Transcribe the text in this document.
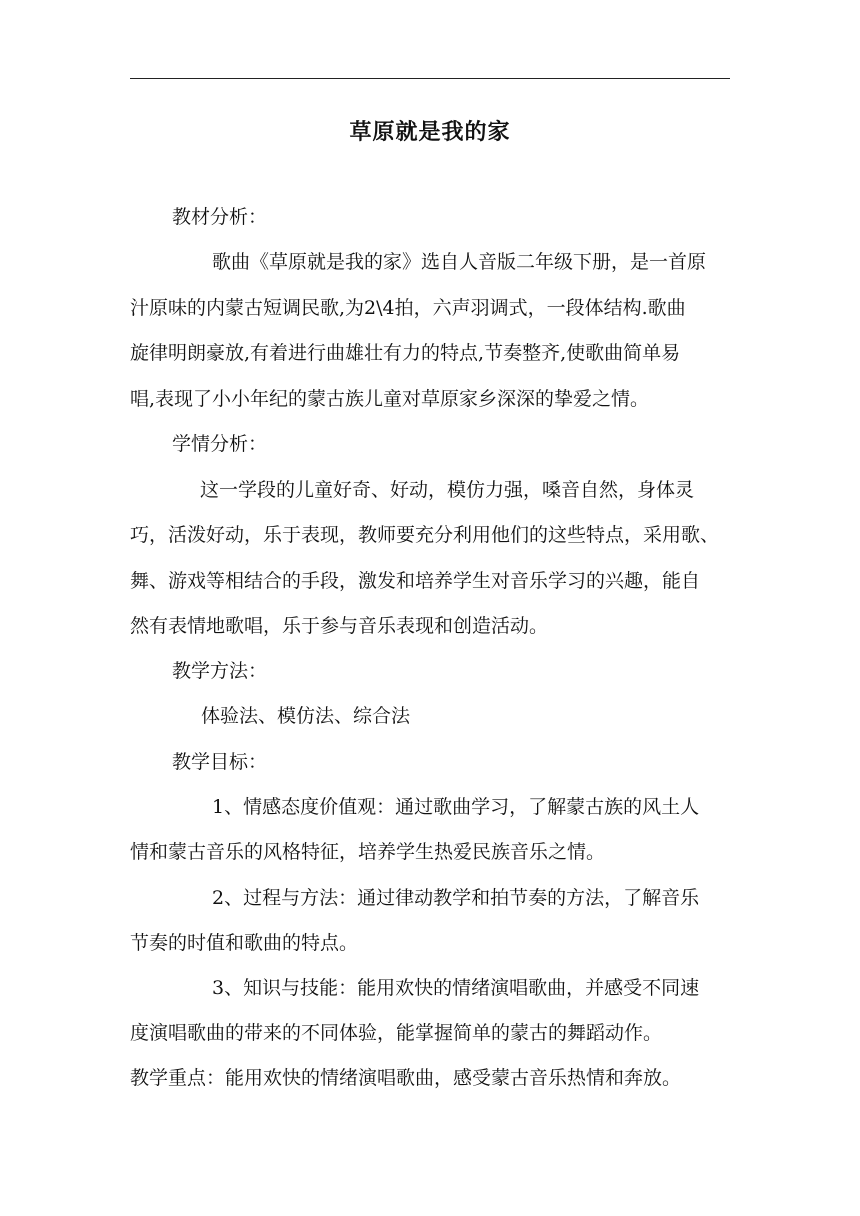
草原就是我的家
教材分析：
歌曲《草原就是我的家》选自人音版二年级下册，是一首原
汁原味的内蒙古短调民歌,为2\4拍，六声羽调式，一段体结构.歌曲
旋律明朗豪放,有着进行曲雄壮有力的特点,节奏整齐,使歌曲简单易
唱,表现了小小年纪的蒙古族儿童对草原家乡深深的挚爱之情。
学情分析：
这一学段的儿童好奇、好动，模仿力强，嗓音自然，身体灵
巧，活泼好动，乐于表现，教师要充分利用他们的这些特点，采用歌、
舞、游戏等相结合的手段，激发和培养学生对音乐学习的兴趣，能自
然有表情地歌唱，乐于参与音乐表现和创造活动。
教学方法：
体验法、模仿法、综合法
教学目标：
1、情感态度价值观：通过歌曲学习，了解蒙古族的风土人
情和蒙古音乐的风格特征，培养学生热爱民族音乐之情。
2、过程与方法：通过律动教学和拍节奏的方法，了解音乐
节奏的时值和歌曲的特点。
3、知识与技能：能用欢快的情绪演唱歌曲，并感受不同速
度演唱歌曲的带来的不同体验，能掌握简单的蒙古的舞蹈动作。
教学重点：能用欢快的情绪演唱歌曲，感受蒙古音乐热情和奔放。
